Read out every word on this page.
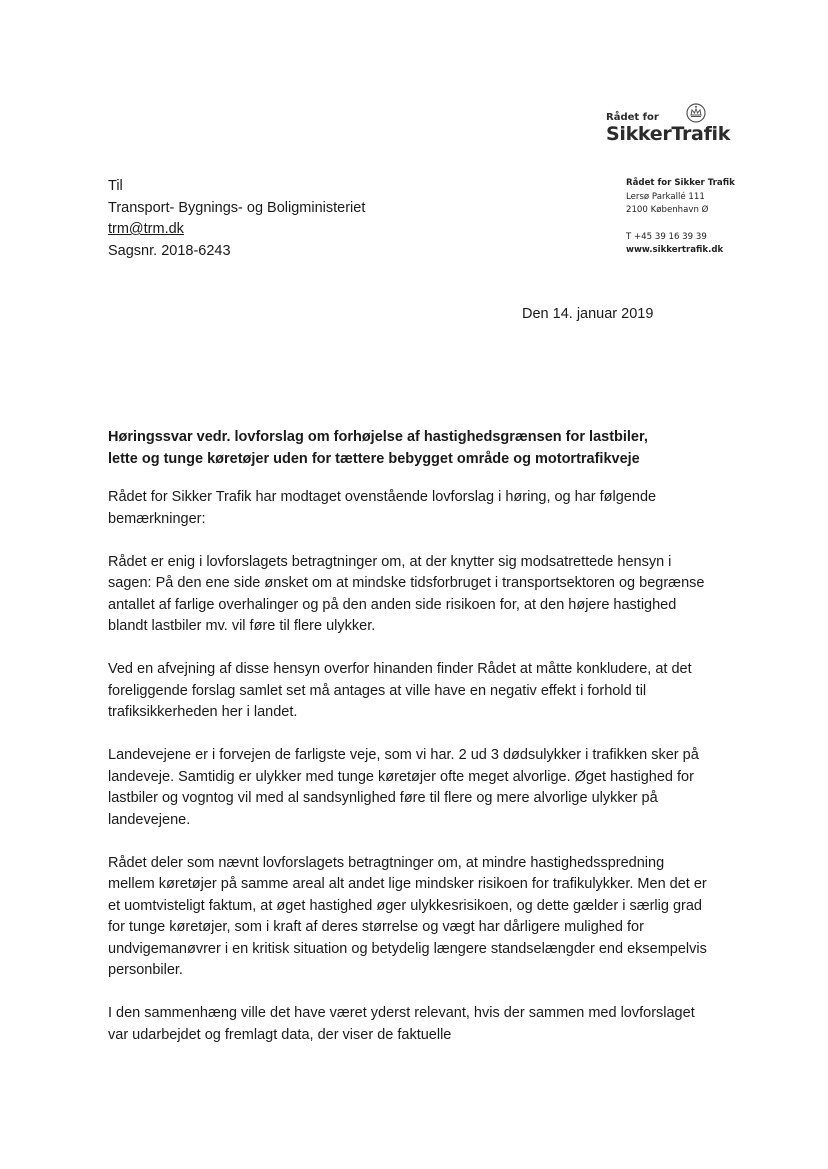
Rådet for
SikkerTrafik
Til
Transport- Bygnings- og Boligministeriet
trm@trm.dk
Sagsnr. 2018-6243
Rådet for Sikker Trafik
Lersø Parkallé 111
2100 København Ø
T +45 39 16 39 39
www.sikkertrafik.dk
Den 14. januar 2019
Høringssvar vedr. lovforslag om forhøjelse af hastighedsgrænsen for lastbiler,
lette og tunge køretøjer uden for tættere bebygget område og motortrafikveje

Rådet for Sikker Trafik har modtaget ovenstående lovforslag i høring, og har følgende bemærkninger:

Rådet er enig i lovforslagets betragtninger om, at der knytter sig modsatrettede hensyn i sagen: På den ene side ønsket om at mindske tidsforbruget i transportsektoren og begrænse antallet af farlige overhalinger og på den anden side risikoen for, at den højere hastighed blandt lastbiler mv. vil føre til flere ulykker.

Ved en afvejning af disse hensyn overfor hinanden finder Rådet at måtte konkludere, at det foreliggende forslag samlet set må antages at ville have en negativ effekt i forhold til trafiksikkerheden her i landet.

Landevejene er i forvejen de farligste veje, som vi har. 2 ud 3 dødsulykker i trafikken sker på landeveje. Samtidig er ulykker med tunge køretøjer ofte meget alvorlige. Øget hastighed for lastbiler og vogntog vil med al sandsynlighed føre til flere og mere alvorlige ulykker på landevejene.

Rådet deler som nævnt lovforslagets betragtninger om, at mindre hastighedsspredning mellem køretøjer på samme areal alt andet lige mindsker risikoen for trafikulykker. Men det er et uomtvisteligt faktum, at øget hastighed øger ulykkesrisikoen, og dette gælder i særlig grad for tunge køretøjer, som i kraft af deres størrelse og vægt har dårligere mulighed for undvigemanøvrer i en kritisk situation og betydelig længere standselængder end eksempelvis personbiler.

I den sammenhæng ville det have været yderst relevant, hvis der sammen med lovforslaget var udarbejdet og fremlagt data, der viser de faktuelle
